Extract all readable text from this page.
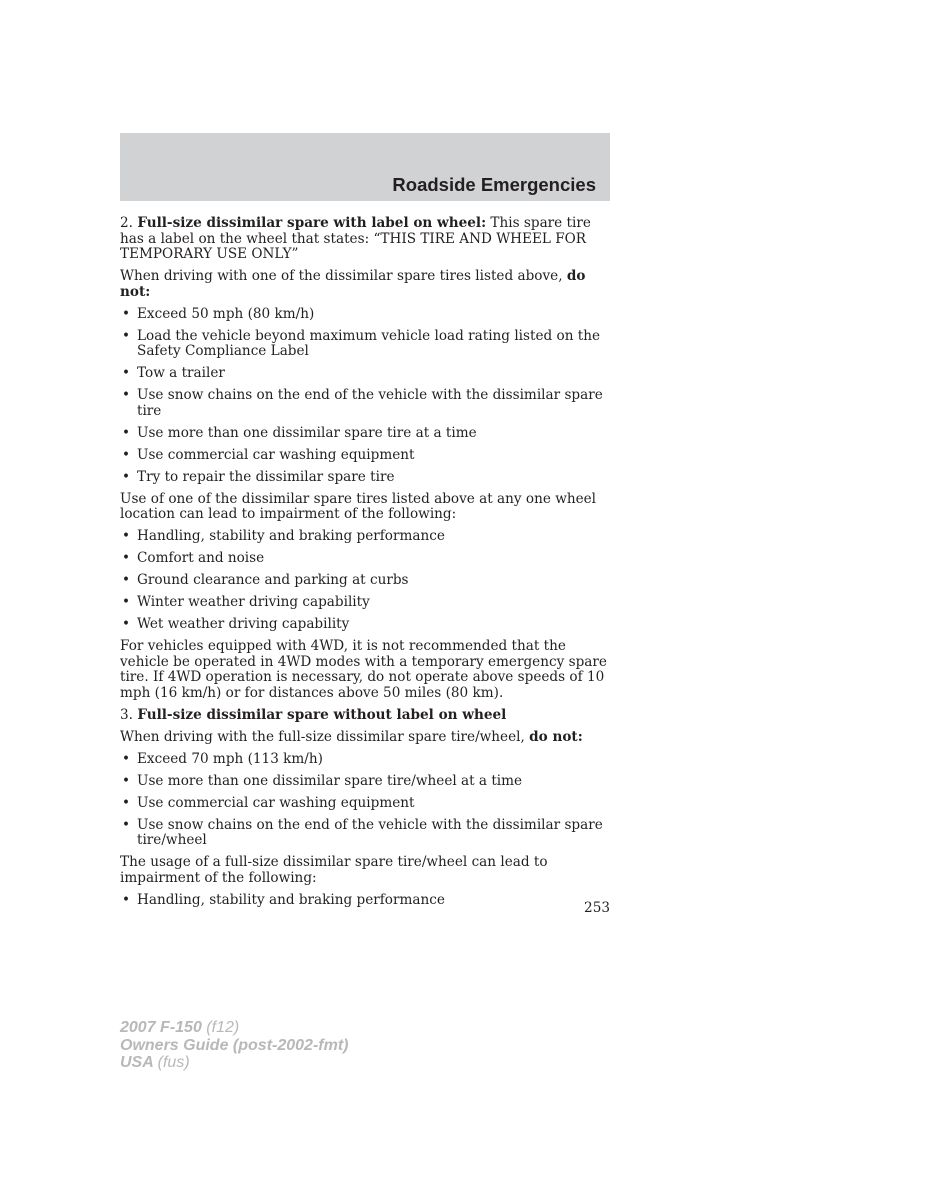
Roadside Emergencies

2. Full-size dissimilar spare with label on wheel: This spare tire has a label on the wheel that states: “THIS TIRE AND WHEEL FOR TEMPORARY USE ONLY”

When driving with one of the dissimilar spare tires listed above, do not:

• Exceed 50 mph (80 km/h)
• Load the vehicle beyond maximum vehicle load rating listed on the Safety Compliance Label
• Tow a trailer
• Use snow chains on the end of the vehicle with the dissimilar spare tire
• Use more than one dissimilar spare tire at a time
• Use commercial car washing equipment
• Try to repair the dissimilar spare tire

Use of one of the dissimilar spare tires listed above at any one wheel location can lead to impairment of the following:

• Handling, stability and braking performance
• Comfort and noise
• Ground clearance and parking at curbs
• Winter weather driving capability
• Wet weather driving capability

For vehicles equipped with 4WD, it is not recommended that the vehicle be operated in 4WD modes with a temporary emergency spare tire. If 4WD operation is necessary, do not operate above speeds of 10 mph (16 km/h) or for distances above 50 miles (80 km).

3. Full-size dissimilar spare without label on wheel

When driving with the full-size dissimilar spare tire/wheel, do not:

• Exceed 70 mph (113 km/h)
• Use more than one dissimilar spare tire/wheel at a time
• Use commercial car washing equipment
• Use snow chains on the end of the vehicle with the dissimilar spare tire/wheel

The usage of a full-size dissimilar spare tire/wheel can lead to impairment of the following:

• Handling, stability and braking performance
253
2007 F-150 (f12)
Owners Guide (post-2002-fmt)
USA (fus)
